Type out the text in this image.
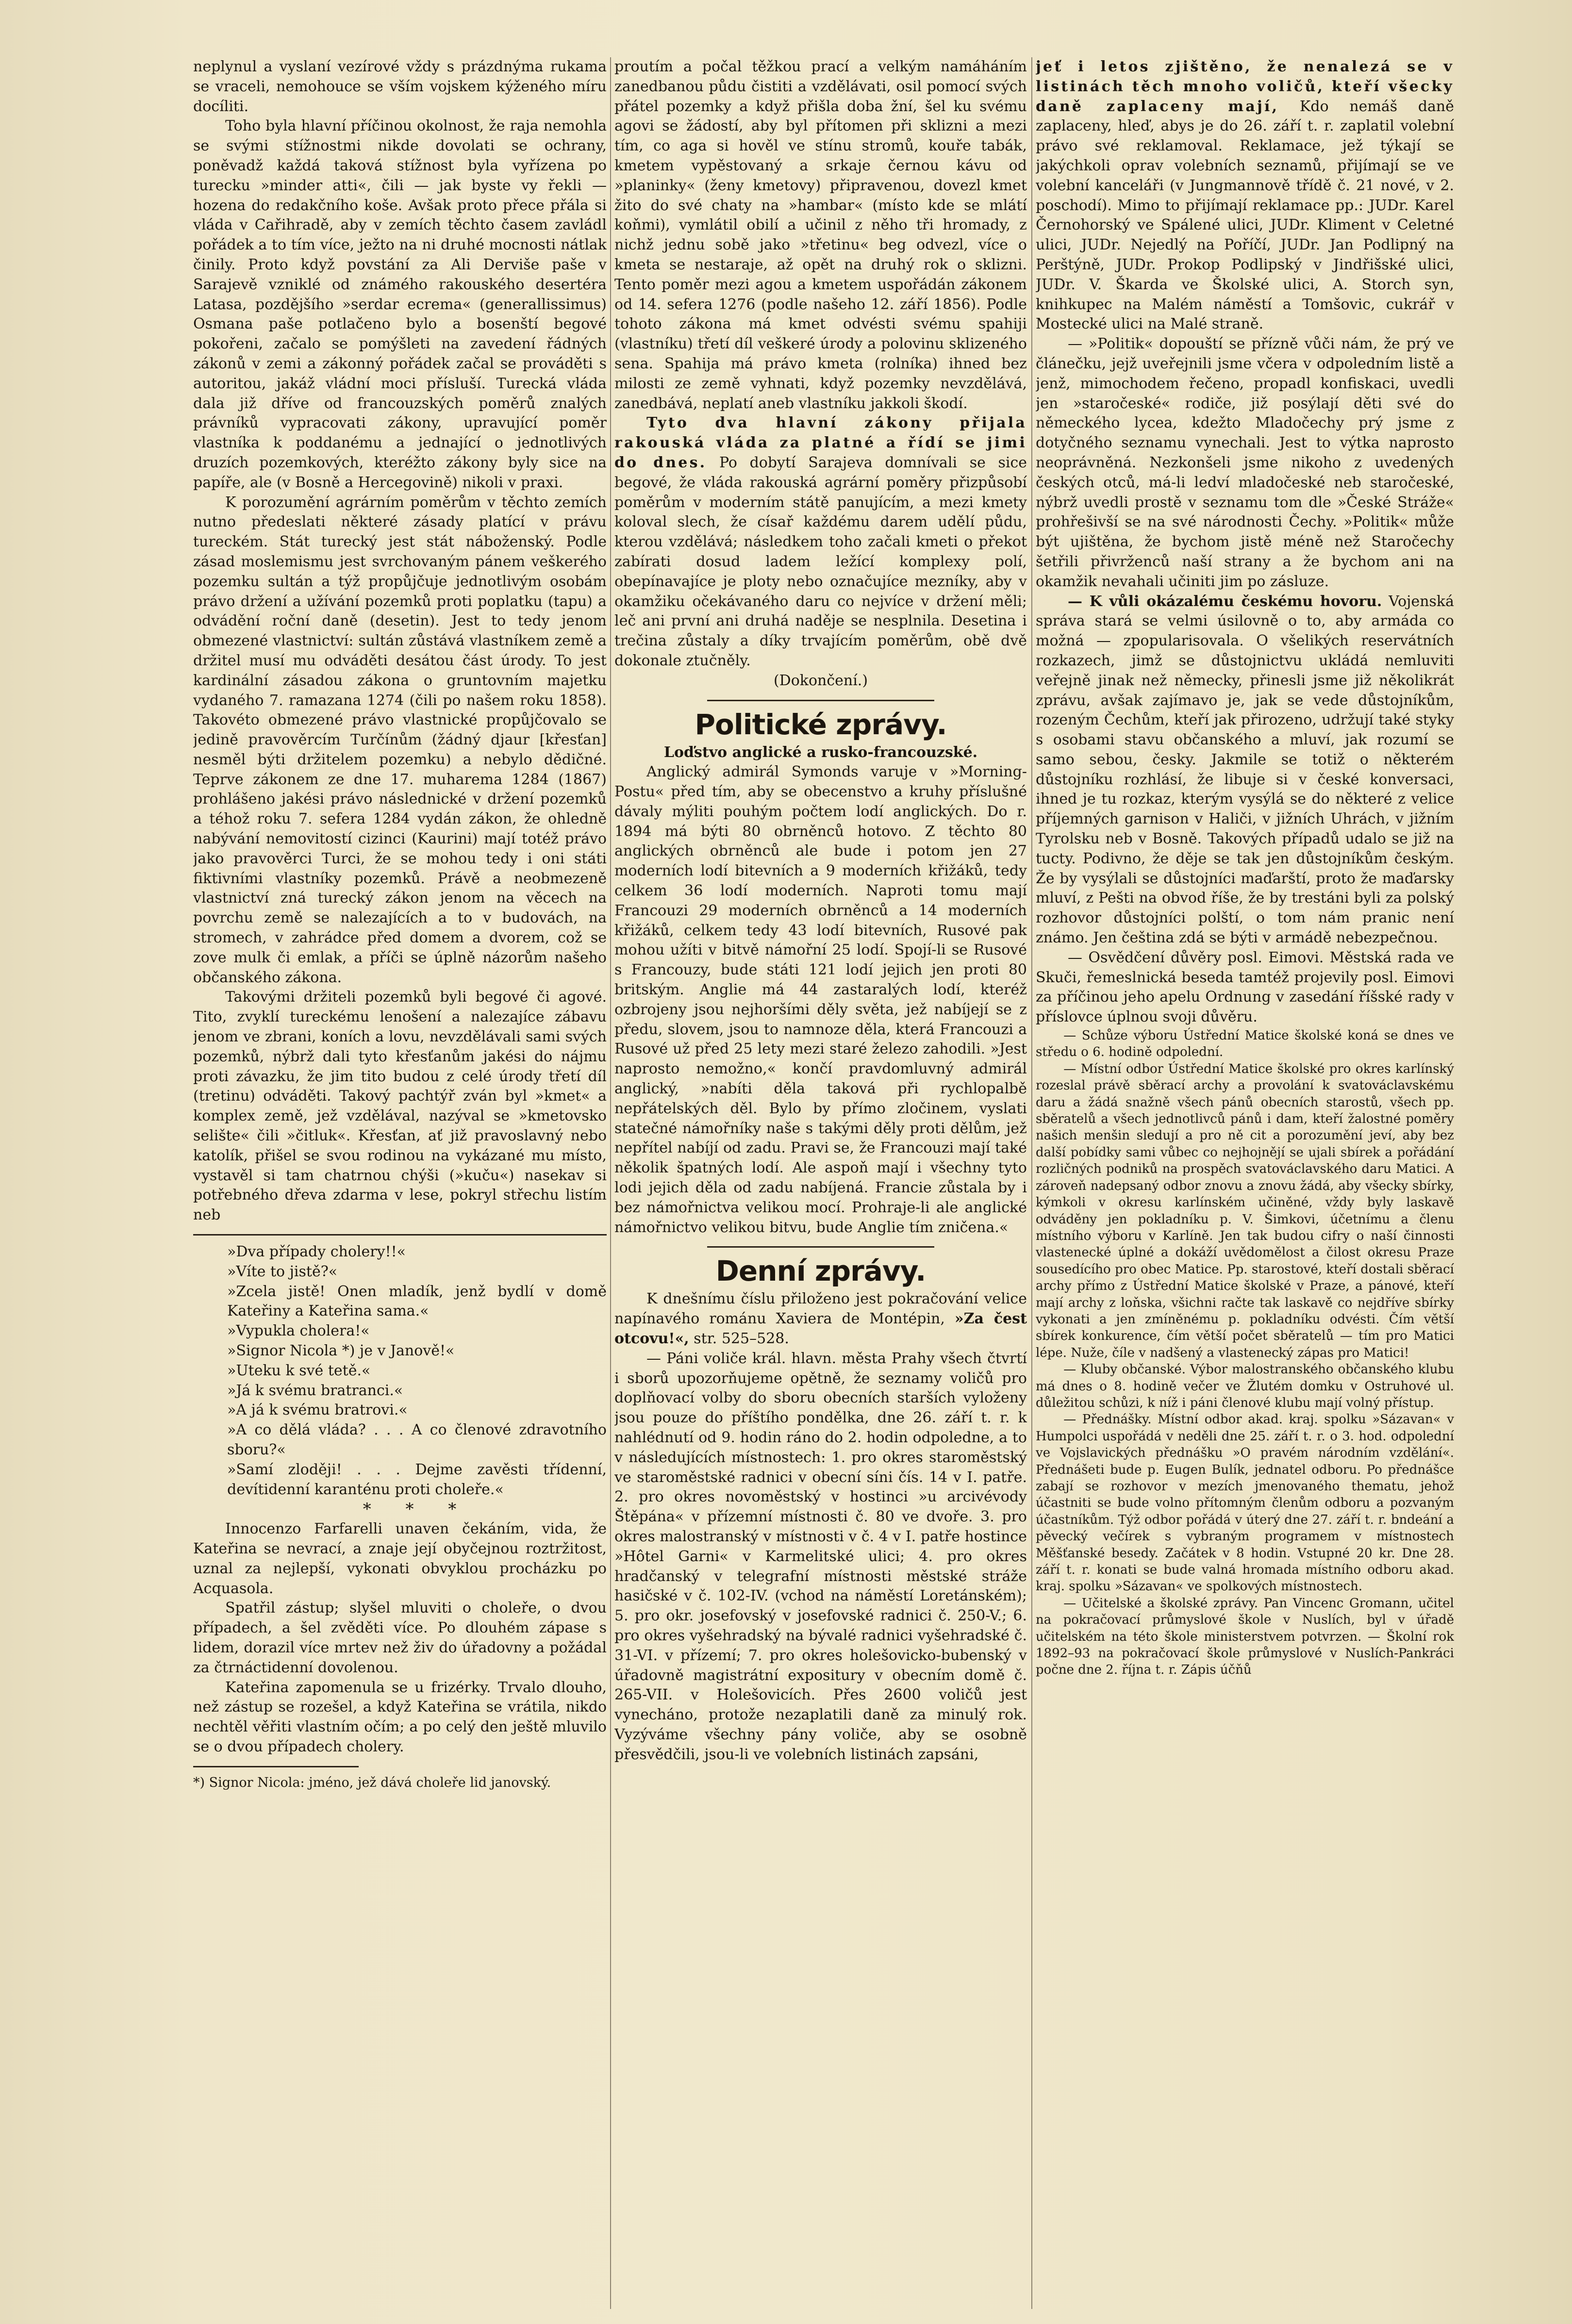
neplynul a vyslaní vezírové vždy s prázdnýma rukama se vraceli, nemohouce se vším vojskem kýženého míru docíliti.

Toho byla hlavní příčinou okolnost, že raja nemohla se svými stížnostmi nikde dovolati se ochrany, poněvadž každá taková stížnost byla vyřízena po turecku »minder atti«, čili — jak byste vy řekli — hozena do redakčního koše. Avšak proto přece přála si vláda v Cařihradě, aby v zemích těchto časem zavládl pořádek a to tím více, ježto na ni druhé mocnosti nátlak činily. Proto když povstání za Ali Derviše paše v Sarajevě vzniklé od známého rakouského desertéra Latasa, pozdějšího »serdar ecrema« (generallissimus) Osmana paše potlačeno bylo a bosenští begové pokořeni, začalo se pomýšleti na zavedení řádných zákonů v zemi a zákonný pořádek začal se prováděti s autoritou, jakáž vládní moci přísluší. Turecká vláda dala již dříve od francouzských poměrů znalých právníků vypracovati zákony, upravující poměr vlastníka k poddanému a jednající o jednotlivých druzích pozemkových, kteréžto zákony byly sice na papíře, ale (v Bosně a Hercegovině) nikoli v praxi.

K porozumění agrárním poměrům v těchto zemích nutno předeslati některé zásady platící v právu tureckém. Stát turecký jest stát náboženský. Podle zásad moslemismu jest svrchovaným pánem veškerého pozemku sultán a týž propůjčuje jednotlivým osobám právo držení a užívání pozemků proti poplatku (tapu) a odvádění roční daně (desetin). Jest to tedy jenom obmezené vlastnictví: sultán zůstává vlastníkem země a držitel musí mu odváděti desátou část úrody. To jest kardinální zásadou zákona o gruntovním majetku vydaného 7. ramazana 1274 (čili po našem roku 1858). Takovéto obmezené právo vlastnické propůjčovalo se jedině pravověrcím Turčínům (žádný djaur [křesťan] nesměl býti držitelem pozemku) a nebylo dědičné. Teprve zákonem ze dne 17. muharema 1284 (1867) prohlášeno jakési právo následnické v držení pozemků a téhož roku 7. sefera 1284 vydán zákon, že ohledně nabývání nemovitostí cizinci (Kaurini) mají totéž právo jako pravověrci Turci, že se mohou tedy i oni státi fiktivními vlastníky pozemků. Právě a neobmezeně vlastnictví zná turecký zákon jenom na věcech na povrchu země se nalezajících a to v budovách, na stromech, v zahrádce před domem a dvorem, což se zove mulk či emlak, a příči se úplně názorům našeho občanského zákona.

Takovými držiteli pozemků byli begové či agové. Tito, zvyklí tureckému lenošení a nalezajíce zábavu jenom ve zbrani, koních a lovu, nevzdělávali sami svých pozemků, nýbrž dali tyto křesťanům jakési do nájmu proti závazku, že jim tito budou z celé úrody třetí díl (tretinu) odváděti. Takový pachtýř zván byl »kmet« a komplex země, jež vzdělával, nazýval se »kmetovsko selište« čili »čitluk«. Křesťan, ať již pravoslavný nebo katolík, přišel se svou rodinou na vykázané mu místo, vystavěl si tam chatrnou chýši (»kuču«) nasekav si potřebného dřeva zdarma v lese, pokryl střechu listím neb

»Dva případy cholery!!«

»Víte to jistě?«

»Zcela jistě! Onen mladík, jenž bydlí v domě Kateřiny a Kateřina sama.«

»Vypukla cholera!«

»Signor Nicola *) je v Janově!«

»Uteku k své tetě.«

»Já k svému bratranci.«

»A já k svému bratrovi.«

»A co dělá vláda? . . . A co členové zdravotního sboru?«

»Samí zloději! . . . Dejme zavěsti třídenní, devítidenní karanténu proti choleře.«

* * *

Innocenzo Farfarelli unaven čekáním, vida, že Kateřina se nevrací, a znaje její obyčejnou roztržitost, uznal za nejlepší, vykonati obvyklou procházku po Acquasola.

Spatřil zástup; slyšel mluviti o choleře, o dvou případech, a šel zvěděti více. Po dlouhém zápase s lidem, dorazil více mrtev než živ do úřadovny a požádal za čtrnáctidenní dovolenou.

Kateřina zapomenula se u frizérky. Trvalo dlouho, než zástup se rozešel, a když Kateřina se vrátila, nikdo nechtěl věřiti vlastním očím; a po celý den ještě mluvilo se o dvou případech cholery.

*) Signor Nicola: jméno, jež dává choleře lid janovský.

proutím a počal těžkou prací a velkým namáháním zanedbanou půdu čistiti a vzdělávati, osil pomocí svých přátel pozemky a když přišla doba žní, šel ku svému agovi se žádostí, aby byl přítomen při sklizni a mezi tím, co aga si hověl ve stínu stromů, kouře tabák, kmetem vypěstovaný a srkaje černou kávu od »planinky« (ženy kmetovy) připravenou, dovezl kmet žito do své chaty na »hambar« (místo kde se mlátí koňmi), vymlátil obilí a učinil z něho tři hromady, z nichž jednu sobě jako »třetinu« beg odvezl, více o kmeta se nestaraje, až opět na druhý rok o sklizni. Tento poměr mezi agou a kmetem uspořádán zákonem od 14. sefera 1276 (podle našeho 12. září 1856). Podle tohoto zákona má kmet odvésti svému spahiji (vlastníku) třetí díl veškeré úrody a polovinu sklizeného sena. Spahija má právo kmeta (rolníka) ihned bez milosti ze země vyhnati, když pozemky nevzdělává, zanedbává, neplatí aneb vlastníku jakkoli škodí.

Tyto dva hlavní zákony přijala rakouská vláda za platné a řídí se jimi do dnes. Po dobytí Sarajeva domnívali se sice begové, že vláda rakouská agrární poměry přizpůsobí poměrům v moderním státě panujícím, a mezi kmety koloval slech, že císař každému darem udělí půdu, kterou vzdělává; následkem toho začali kmeti o překot zabírati dosud ladem ležící komplexy polí, obepínavajíce je ploty nebo označujíce mezníky, aby v okamžiku očekávaného daru co nejvíce v držení měli; leč ani první ani druhá naděje se nesplnila. Desetina i trečina zůstaly a díky trvajícím poměrům, obě dvě dokonale ztučněly.

(Dokončení.)

Politické zprávy.

Loďstvo anglické a rusko-francouzské.

Anglický admirál Symonds varuje v »Morning-Postu« před tím, aby se obecenstvo a kruhy příslušné dávaly mýliti pouhým počtem lodí anglických. Do r. 1894 má býti 80 obrněnců hotovo. Z těchto 80 anglických obrněnců ale bude i potom jen 27 moderních lodí bitevních a 9 moderních křižáků, tedy celkem 36 lodí moderních. Naproti tomu mají Francouzi 29 moderních obrněnců a 14 moderních křižáků, celkem tedy 43 lodí bitevních, Rusové pak mohou užíti v bitvě námořní 25 lodí. Spojí-li se Rusové s Francouzy, bude státi 121 lodí jejich jen proti 80 britským. Anglie má 44 zastaralých lodí, kteréž ozbrojeny jsou nejhoršími děly světa, jež nabíjejí se z předu, slovem, jsou to namnoze děla, která Francouzi a Rusové už před 25 lety mezi staré železo zahodili. »Jest naprosto nemožno,« končí pravdomluvný admirál anglický, »nabíti děla taková při rychlopalbě nepřátelských děl. Bylo by přímo zločinem, vyslati statečné námořníky naše s takými děly proti dělům, jež nepřítel nabíjí od zadu. Pravi se, že Francouzi mají také několik špatných lodí. Ale aspoň mají i všechny tyto lodi jejich děla od zadu nabíjená. Francie zůstala by i bez námořnictva velikou mocí. Prohraje-li ale anglické námořnictvo velikou bitvu, bude Anglie tím zničena.«

Denní zprávy.

K dnešnímu číslu přiloženo jest pokračování velice napínavého románu Xaviera de Montépin, »Za čest otcovu!«, str. 525–528.

— Páni voliče král. hlavn. města Prahy všech čtvrtí i sborů upozorňujeme opětně, že seznamy voličů pro doplňovací volby do sboru obecních starších vyloženy jsou pouze do příštího pondělka, dne 26. září t. r. k nahlédnutí od 9. hodin ráno do 2. hodin odpoledne, a to v následujících místnostech: 1. pro okres staroměstský ve staroměstské radnici v obecní síni čís. 14 v I. patře. 2. pro okres novoměstský v hostinci »u arcivévody Štěpána« v přízemní místnosti č. 80 ve dvoře. 3. pro okres malostranský v místnosti v č. 4 v I. patře hostince »Hôtel Garni« v Karmelitské ulici; 4. pro okres hradčanský v telegrafní místnosti městské stráže hasičské v č. 102-IV. (vchod na náměstí Loretánském); 5. pro okr. josefovský v josefovské radnici č. 250-V.; 6. pro okres vyšehradský na bývalé radnici vyšehradské č. 31-VI. v přízemí; 7. pro okres holešovicko-bubenský v úřadovně magistrátní expositury v obecním domě č. 265-VII. v Holešovicích. Přes 2600 voličů jest vynecháno, protože nezaplatili daně za minulý rok. Vyzýváme všechny pány voliče, aby se osobně přesvědčili, jsou-li ve volebních listinách zapsáni,

jeť i letos zjištěno, že nenalezá se v listinách těch mnoho voličů, kteří všecky daně zaplaceny mají, Kdo nemáš daně zaplaceny, hleď, abys je do 26. září t. r. zaplatil volební právo své reklamoval. Reklamace, jež týkají se jakýchkoli oprav volebních seznamů, přijímají se ve volební kanceláři (v Jungmannově třídě č. 21 nové, v 2. poschodí). Mimo to přijímají reklamace pp.: JUDr. Karel Černohorský ve Spálené ulici, JUDr. Kliment v Celetné ulici, JUDr. Nejedlý na Poříčí, JUDr. Jan Podlipný na Perštýně, JUDr. Prokop Podlipský v Jindřišské ulici, JUDr. V. Škarda ve Školské ulici, A. Storch syn, knihkupec na Malém náměstí a Tomšovic, cukrář v Mostecké ulici na Malé straně.

— »Politik« dopouští se přízně vůči nám, že prý ve článečku, jejž uveřejnili jsme včera v odpoledním listě a jenž, mimochodem řečeno, propadl konfiskaci, uvedli jen »staročeské« rodiče, již posýlají děti své do německého lycea, kdežto Mladočechy prý jsme z dotyčného seznamu vynechali. Jest to výtka naprosto neoprávněná. Nezkonšeli jsme nikoho z uvedených českých otců, má-li ledví mladočeské neb staročeské, nýbrž uvedli prostě v seznamu tom dle »České Stráže« prohřešivší se na své národnosti Čechy. »Politik« může být ujištěna, že bychom jistě méně než Staročechy šetřili přivrženců naší strany a že bychom ani na okamžik nevahali učiniti jim po zásluze.

— K vůli okázalému českému hovoru. Vojenská správa stará se velmi úsilovně o to, aby armáda co možná — zpopularisovala. O všelikých reservátních rozkazech, jimž se důstojnictvu ukládá nemluviti veřejně jinak než německy, přinesli jsme již několikrát zprávu, avšak zajímavo je, jak se vede důstojníkům, rozeným Čechům, kteří jak přirozeno, udržují také styky s osobami stavu občanského a mluví, jak rozumí se samo sebou, česky. Jakmile se totiž o některém důstojníku rozhlásí, že libuje si v české konversaci, ihned je tu rozkaz, kterým vysýlá se do některé z velice příjemných garnison v Haliči, v jižních Uhrách, v jižním Tyrolsku neb v Bosně. Takových případů udalo se již na tucty. Podivno, že děje se tak jen důstojníkům českým. Že by vysýlali se důstojníci maďarští, proto že maďarsky mluví, z Pešti na obvod říše, že by trestáni byli za polský rozhovor důstojníci polští, o tom nám pranic není známo. Jen čeština zdá se býti v armádě nebezpečnou.

— Osvědčení důvěry posl. Eimovi. Městská rada ve Skuči, řemeslnická beseda tamtéž projevily posl. Eimovi za příčinou jeho apelu Ordnung v zasedání říšské rady v příslovce úplnou svoji důvěru.

— Schůze výboru Ústřední Matice školské koná se dnes ve středu o 6. hodině odpolední.

— Místní odbor Ústřední Matice školské pro okres karlínský rozeslal právě sběrací archy a provolání k svatováclavskému daru a žádá snažně všech pánů obecních starostů, všech pp. sběratelů a všech jednotlivců pánů i dam, kteří žalostné poměry našich menšin sledují a pro ně cit a porozumění jeví, aby bez další pobídky sami vůbec co nejhojnějí se ujali sbírek a pořádání rozličných podniků na prospěch svatováclavského daru Matici. A zároveň nadepsaný odbor znovu a znovu žádá, aby všecky sbírky, kýmkoli v okresu karlínském učiněné, vždy byly laskavě odváděny jen pokladníku p. V. Šimkovi, účetnímu a členu místního výboru v Karlíně. Jen tak budou cifry o naší činnosti vlastenecké úplné a dokáží uvědomělost a čilost okresu Praze sousedícího pro obec Matice. Pp. starostové, kteří dostali sběrací archy přímo z Ústřední Matice školské v Praze, a pánové, kteří mají archy z loňska, všichni račte tak laskavě co nejdříve sbírky vykonati a jen zmíněnému p. pokladníku odvésti. Čím větší sbírek konkurence, čím větší počet sběratelů — tím pro Matici lépe. Nuže, číle v nadšený a vlastenecký zápas pro Matici!

— Kluby občanské. Výbor malostranského občanského klubu má dnes o 8. hodině večer ve Žlutém domku v Ostruhové ul. důležitou schůzi, k níž i páni členové klubu mají volný přístup.

— Přednášky. Místní odbor akad. kraj. spolku »Sázavan« v Humpolci uspořádá v neděli dne 25. září t. r. o 3. hod. odpolední ve Vojslavických přednášku »O pravém národním vzdělání«. Přednášeti bude p. Eugen Bulík, jednatel odboru. Po přednášce zabají se rozhovor v mezích jmenovaného thematu, jehož účastniti se bude volno přítomným členům odboru a pozvaným účastníkům. Týž odbor pořádá v úterý dne 27. září t. r. bndeání a pěvecký večírek s vybraným programem v místnostech Měšťanské besedy. Začátek v 8 hodin. Vstupné 20 kr. Dne 28. září t. r. konati se bude valná hromada místního odboru akad. kraj. spolku »Sázavan« ve spolkových místnostech.

— Učitelské a školské zprávy. Pan Vincenc Gromann, učitel na pokračovací průmyslové škole v Nuslích, byl v úřadě učitelském na této škole ministerstvem potvrzen. — Školní rok 1892–93 na pokračovací škole průmyslové v Nuslích-Pankráci počne dne 2. října t. r. Zápis účňů
